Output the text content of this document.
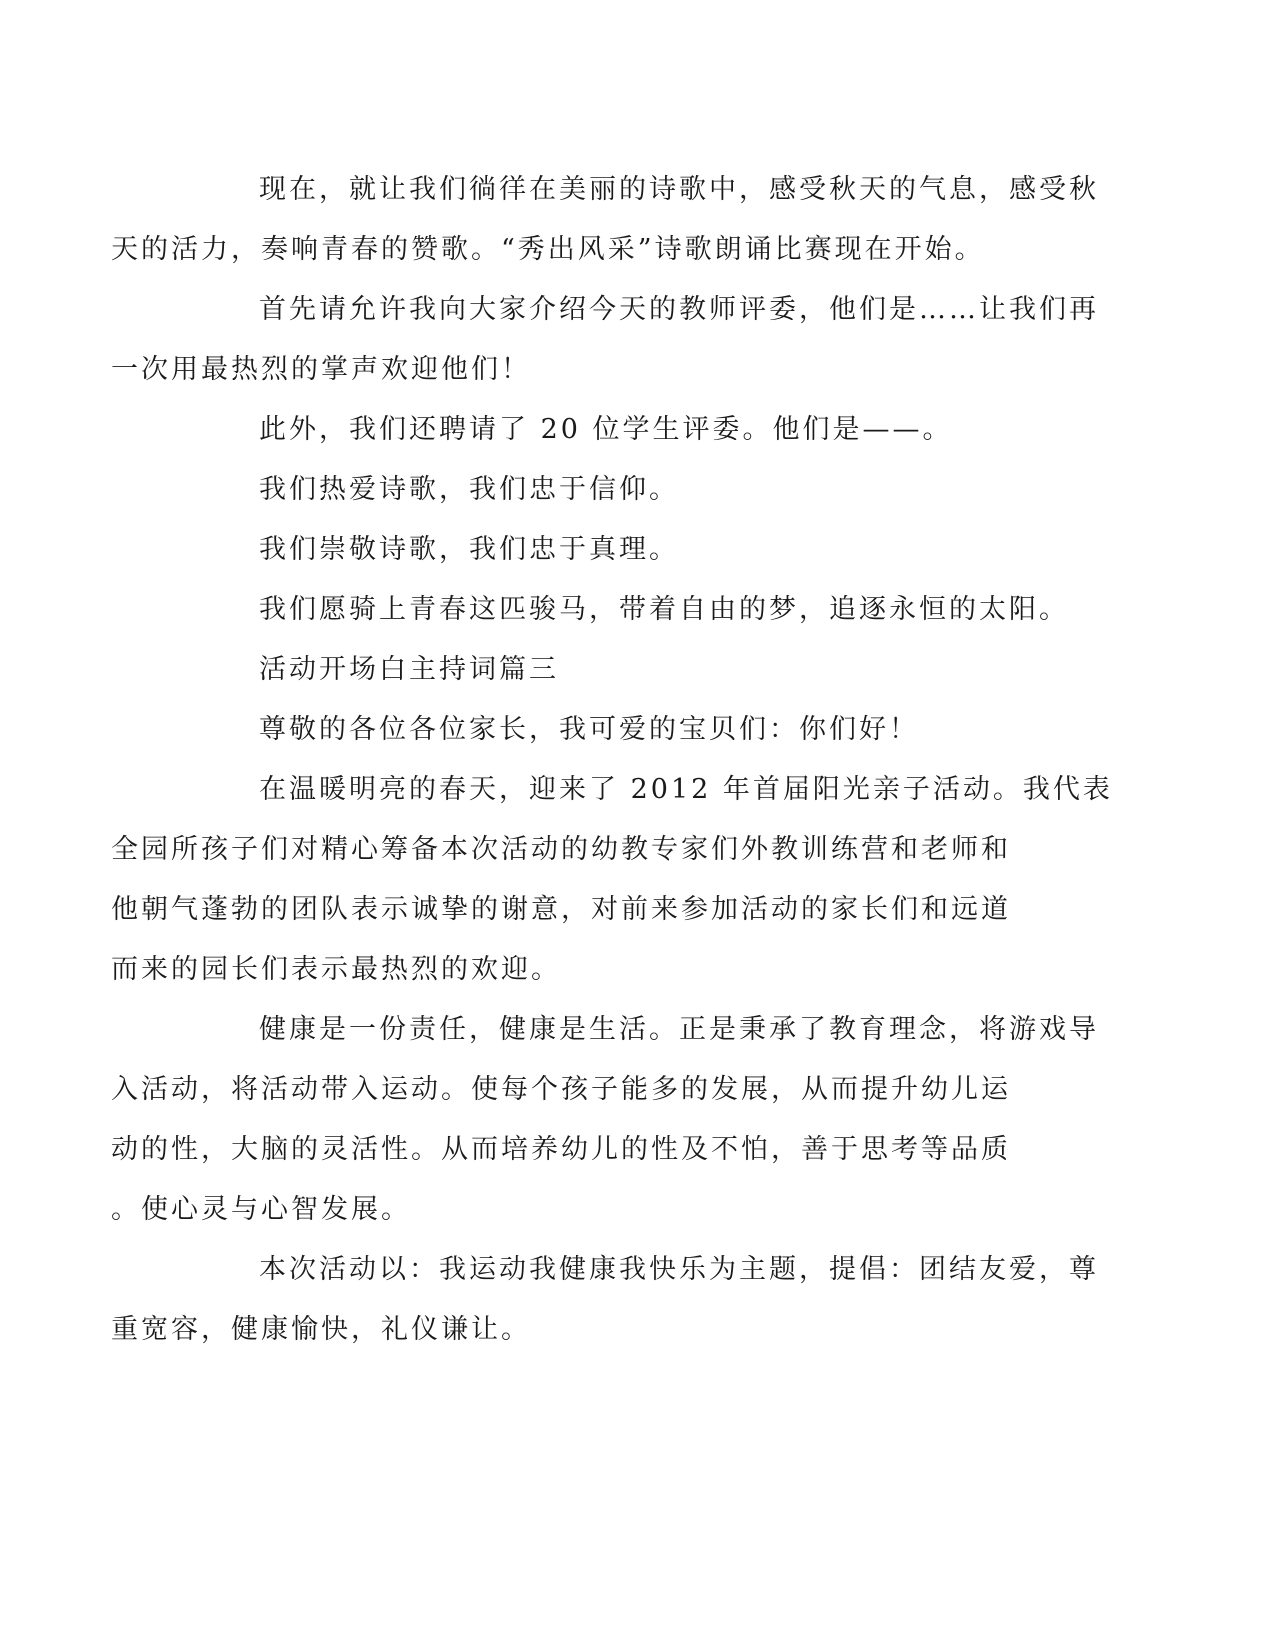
现在，就让我们徜徉在美丽的诗歌中，感受秋天的气息，感受秋
天的活力，奏响青春的赞歌。“秀出风采”诗歌朗诵比赛现在开始。

首先请允许我向大家介绍今天的教师评委，他们是……让我们再
一次用最热烈的掌声欢迎他们！

此外，我们还聘请了 20 位学生评委。他们是——。

我们热爱诗歌，我们忠于信仰。

我们崇敬诗歌，我们忠于真理。

我们愿骑上青春这匹骏马，带着自由的梦，追逐永恒的太阳。

活动开场白主持词篇三

尊敬的各位各位家长，我可爱的宝贝们：你们好！

在温暖明亮的春天，迎来了 2012 年首届阳光亲子活动。我代表
全园所孩子们对精心筹备本次活动的幼教专家们外教训练营和老师和
他朝气蓬勃的团队表示诚挚的谢意，对前来参加活动的家长们和远道
而来的园长们表示最热烈的欢迎。

健康是一份责任，健康是生活。正是秉承了教育理念，将游戏导
入活动，将活动带入运动。使每个孩子能多的发展，从而提升幼儿运
动的性，大脑的灵活性。从而培养幼儿的性及不怕，善于思考等品质
。使心灵与心智发展。

本次活动以：我运动我健康我快乐为主题，提倡：团结友爱，尊
重宽容，健康愉快，礼仪谦让。
